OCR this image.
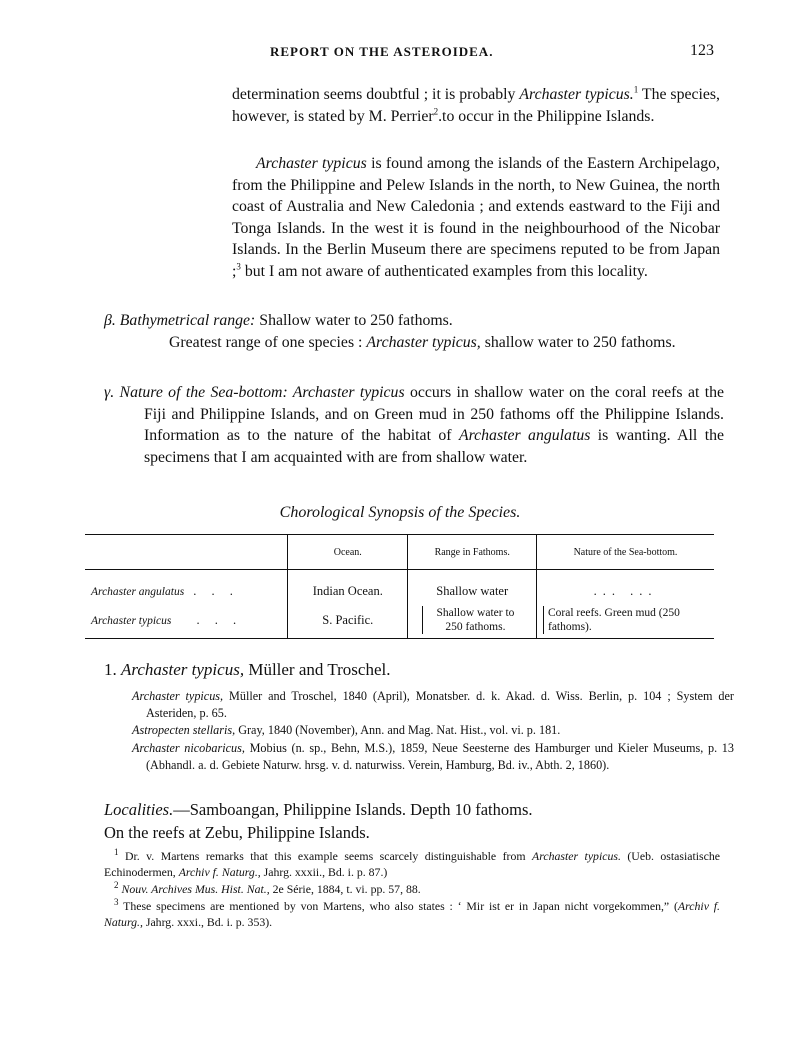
REPORT ON THE ASTEROIDEA.	123
determination seems doubtful ; it is probably Archaster typicus.$^1$ The species, however, is stated by M. Perrier$^2$.to occur in the Philippine Islands.
Archaster typicus is found among the islands of the Eastern Archipelago, from the Philippine and Pelew Islands in the north, to New Guinea, the north coast of Australia and New Caledonia ; and extends eastward to the Fiji and Tonga Islands. In the west it is found in the neighbourhood of the Nicobar Islands. In the Berlin Museum there are specimens reputed to be from Japan ;$^3$ but I am not aware of authenticated examples from this locality.
β. Bathymetrical range: Shallow water to 250 fathoms.
Greatest range of one species : Archaster typicus, shallow water to 250 fathoms.
γ. Nature of the Sea-bottom: Archaster typicus occurs in shallow water on the coral reefs at the Fiji and Philippine Islands, and on Green mud in 250 fathoms off the Philippine Islands. Information as to the nature of the habitat of Archaster angulatus is wanting. All the specimens that I am acquainted with are from shallow water.
Chorological Synopsis of the Species.
	Ocean.	Range in Fathoms.	Nature of the Sea-bottom.
Archaster angulatus . . .	Indian Ocean.	Shallow water	... ...
Archaster typicus . . .	S. Pacific.	Shallow water to 250 fathoms.	Coral reefs. Green mud (250 fathoms).
1. Archaster typicus, Müller and Troschel.
Archaster typicus, Müller and Troschel, 1840 (April), Monatsber. d. k. Akad. d. Wiss. Berlin, p. 104 ; System der Asteriden, p. 65.
Astropecten stellaris, Gray, 1840 (November), Ann. and Mag. Nat. Hist., vol. vi. p. 181.
Archaster nicobaricus, Mobius (n. sp., Behn, M.S.), 1859, Neue Seesterne des Hamburger und Kieler Museums, p. 13 (Abhandl. a. d. Gebiete Naturw. hrsg. v. d. naturwiss. Verein, Hamburg, Bd. iv., Abth. 2, 1860).
Localities.—Samboangan, Philippine Islands. Depth 10 fathoms.
On the reefs at Zebu, Philippine Islands.
$^1$ Dr. v. Martens remarks that this example seems scarcely distinguishable from Archaster typicus. (Ueb. ostasiatische Echinodermen, Archiv f. Naturg., Jahrg. xxxii., Bd. i. p. 87.)
$^2$ Nouv. Archives Mus. Hist. Nat., 2e Série, 1884, t. vi. pp. 57, 88.
$^3$ These specimens are mentioned by von Martens, who also states : ‘ Mir ist er in Japan nicht vorgekommen,” (Archiv f. Naturg., Jahrg. xxxi., Bd. i. p. 353).
